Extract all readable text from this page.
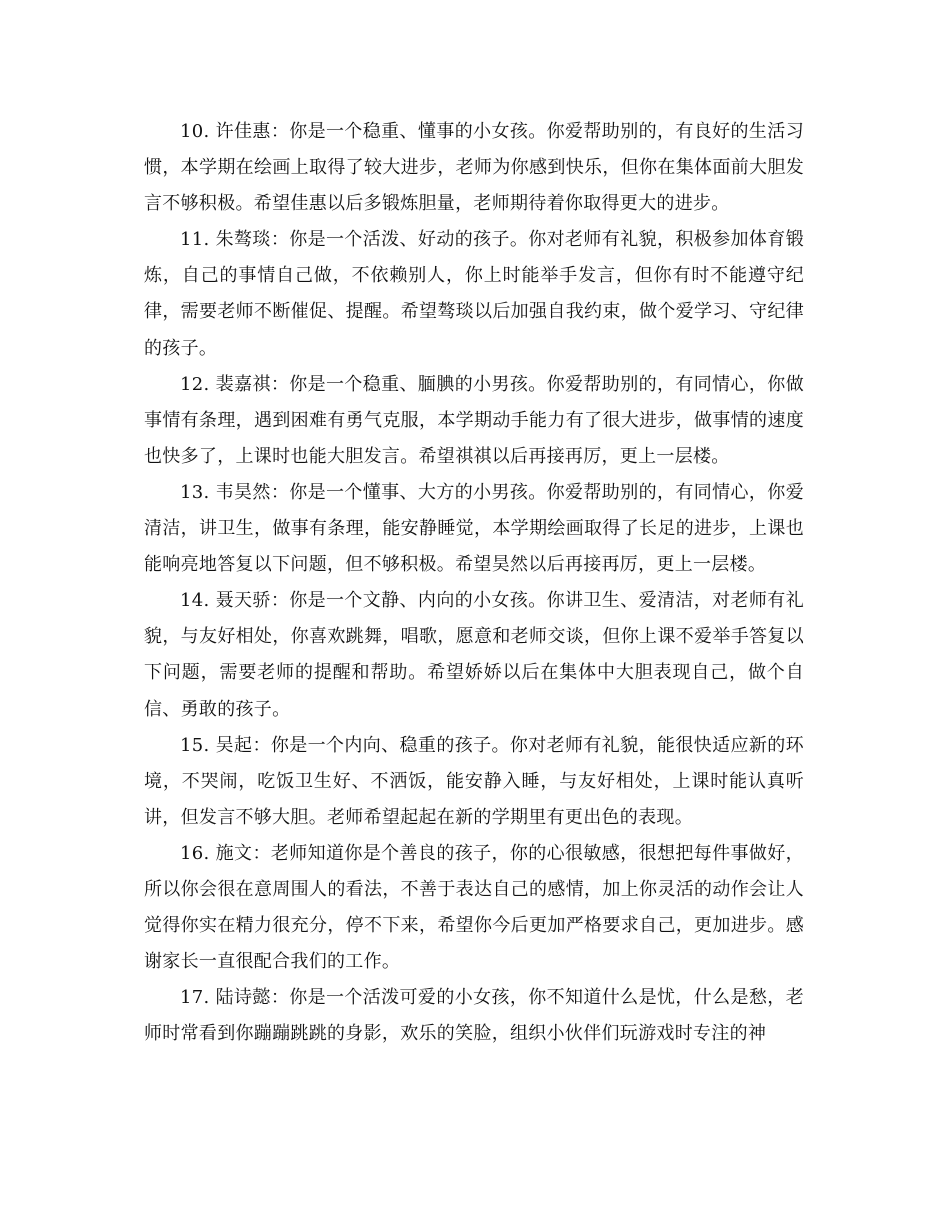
10. 许佳惠：你是一个稳重、懂事的小女孩。你爱帮助别的，有良好的生活习惯，本学期在绘画上取得了较大进步，老师为你感到快乐，但你在集体面前大胆发言不够积极。希望佳惠以后多锻炼胆量，老师期待着你取得更大的进步。

11. 朱骜琰：你是一个活泼、好动的孩子。你对老师有礼貌，积极参加体育锻炼，自己的事情自己做，不依赖别人，你上时能举手发言，但你有时不能遵守纪律，需要老师不断催促、提醒。希望骜琰以后加强自我约束，做个爱学习、守纪律的孩子。

12. 裴嘉祺：你是一个稳重、腼腆的小男孩。你爱帮助别的，有同情心，你做事情有条理，遇到困难有勇气克服，本学期动手能力有了很大进步，做事情的速度也快多了，上课时也能大胆发言。希望祺祺以后再接再厉，更上一层楼。

13. 韦昊然：你是一个懂事、大方的小男孩。你爱帮助别的，有同情心，你爱清洁，讲卫生，做事有条理，能安静睡觉，本学期绘画取得了长足的进步，上课也能响亮地答复以下问题，但不够积极。希望昊然以后再接再厉，更上一层楼。

14. 聂天骄：你是一个文静、内向的小女孩。你讲卫生、爱清洁，对老师有礼貌，与友好相处，你喜欢跳舞，唱歌，愿意和老师交谈，但你上课不爱举手答复以下问题，需要老师的提醒和帮助。希望娇娇以后在集体中大胆表现自己，做个自信、勇敢的孩子。

15. 吴起：你是一个内向、稳重的孩子。你对老师有礼貌，能很快适应新的环境，不哭闹，吃饭卫生好、不洒饭，能安静入睡，与友好相处，上课时能认真听讲，但发言不够大胆。老师希望起起在新的学期里有更出色的表现。

16. 施文：老师知道你是个善良的孩子，你的心很敏感，很想把每件事做好，所以你会很在意周围人的看法，不善于表达自己的感情，加上你灵活的动作会让人觉得你实在精力很充分，停不下来，希望你今后更加严格要求自己，更加进步。感谢家长一直很配合我们的工作。

17. 陆诗懿：你是一个活泼可爱的小女孩，你不知道什么是忧，什么是愁，老师时常看到你蹦蹦跳跳的身影，欢乐的笑脸，组织小伙伴们玩游戏时专注的神
